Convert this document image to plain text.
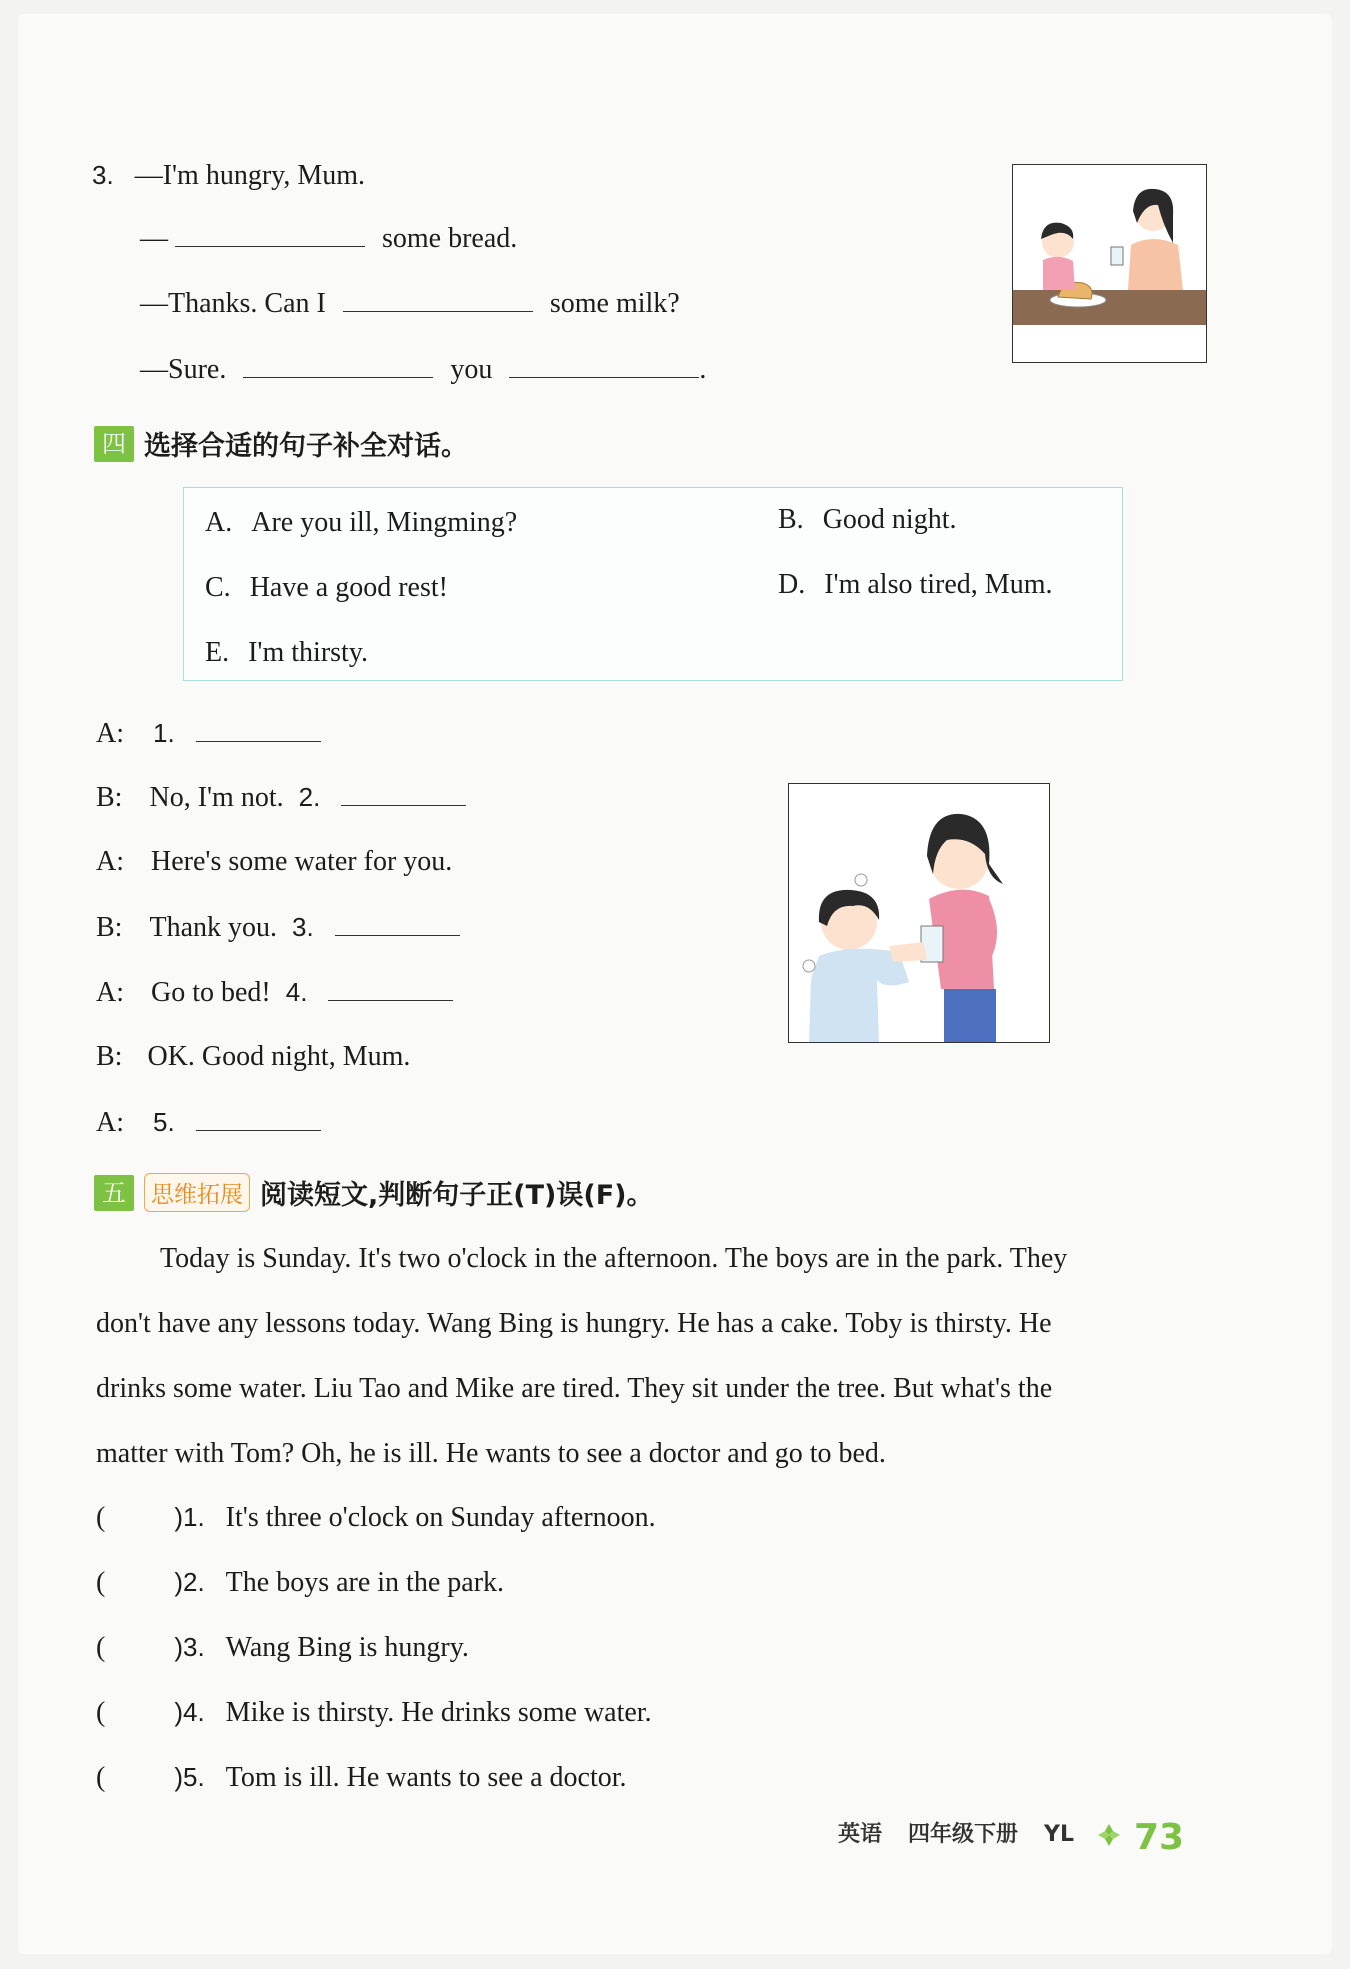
3. —I'm hungry, Mum.
—	some bread.
—Thanks. Can I	some milk?
—Sure.	you	.
四 选择合适的句子补全对话。
A. Are you ill, Mingming?	B. Good night.
C. Have a good rest!	D. I'm also tired, Mum.
E. I'm thirsty.
A: 1.
B: No, I'm not. 2.
A: Here's some water for you.
B: Thank you. 3.
A: Go to bed! 4.
B: OK. Good night, Mum.
A: 5.
五 思维拓展 阅读短文,判断句子正(T)误(F)。
Today is Sunday. It's two o'clock in the afternoon. The boys are in the park. They
don't have any lessons today. Wang Bing is hungry. He has a cake. Toby is thirsty. He
drinks some water. Liu Tao and Mike are tired. They sit under the tree. But what's the
matter with Tom? Oh, he is ill. He wants to see a doctor and go to bed.
(	)1. It's three o'clock on Sunday afternoon.
(	)2. The boys are in the park.
(	)3. Wang Bing is hungry.
(	)4. Mike is thirsty. He drinks some water.
(	)5. Tom is ill. He wants to see a doctor.
英语 四年级下册 YL 73
